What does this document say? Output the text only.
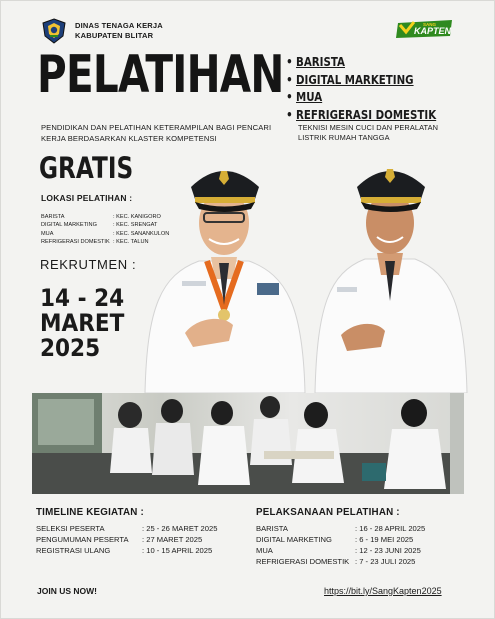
DINAS TENAGA KERJA
KABUPATEN BLITAR
SANG
KAPTEN
PELATIHAN
PENDIDIKAN DAN PELATIHAN KETERAMPILAN BAGI PENCARI KERJA BERDASARKAN KLASTER KOMPETENSI
GRATIS
• BARISTA
• DIGITAL MARKETING
• MUA
• REFRIGERASI DOMESTIK
TEKNISI MESIN CUCI DAN PERALATAN
LISTRIK RUMAH TANGGA
LOKASI PELATIHAN :
BARISTA	: KEC. KANIGORO
DIGITAL MARKETING	: KEC. SRENGAT
MUA	: KEC. SANANKULON
REFRIGERASI DOMESTIK : KEC. TALUN
REKRUTMEN :
14 - 24
MARET
2025
TIMELINE KEGIATAN :
SELEKSI PESERTA	: 25 - 26 MARET 2025
PENGUMUMAN PESERTA	: 27 MARET 2025
REGISTRASI ULANG	: 10 - 15 APRIL 2025
PELAKSANAAN PELATIHAN :
BARISTA	: 16 - 28 APRIL 2025
DIGITAL MARKETING	: 6 - 19 MEI 2025
MUA	: 12 - 23 JUNI 2025
REFRIGERASI DOMESTIK : 7 - 23 JULI 2025
JOIN US NOW!	https://bit.ly/SangKapten2025
